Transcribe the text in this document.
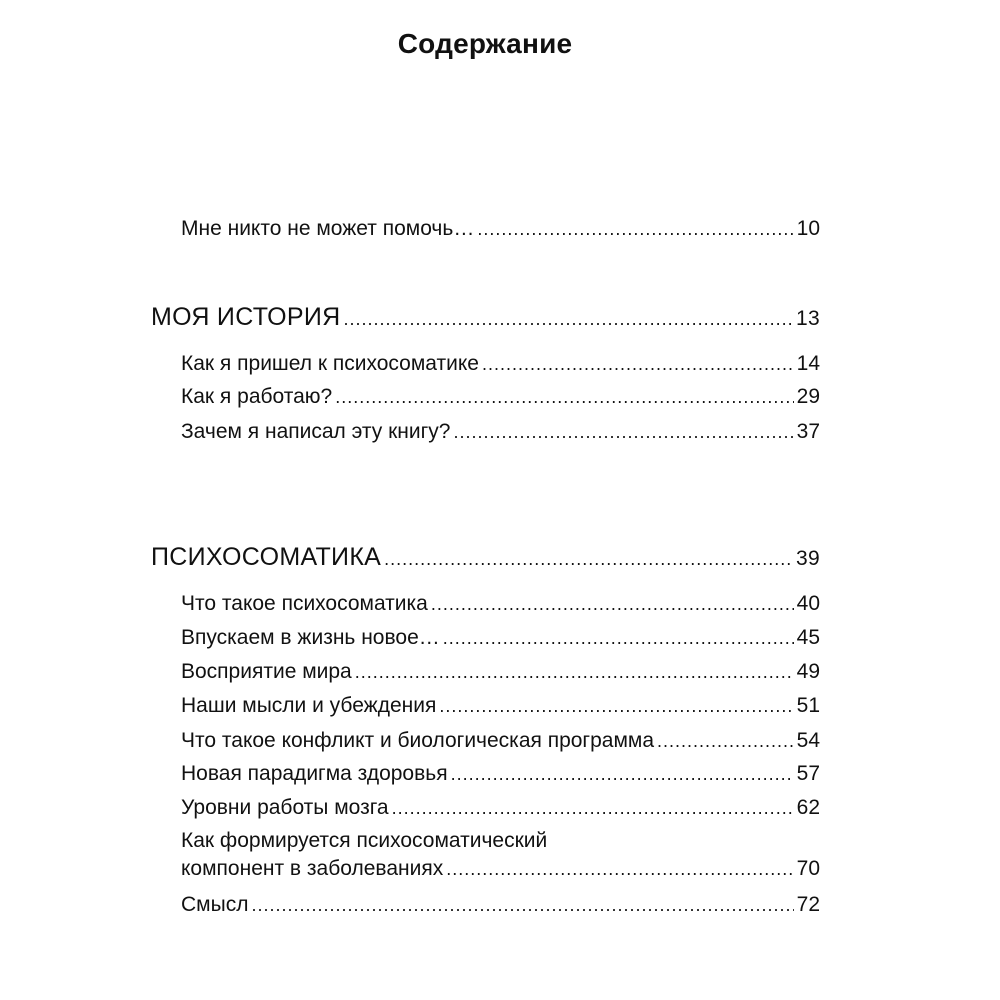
Содержание
Мне никто не может помочь… .....	10
МОЯ ИСТОРИЯ .....	13
Как я пришел к психосоматике .....	14
Как я работаю? .....	29
Зачем я написал эту книгу? .....	37
ПСИХОСОМАТИКА .....	39
Что такое психосоматика .....	40
Впускаем в жизнь новое… .....	45
Восприятие мира .....	49
Наши мысли и убеждения .....	51
Что такое конфликт и биологическая программа .....	54
Новая парадигма здоровья .....	57
Уровни работы мозга .....	62
Как формируется психосоматический
компонент в заболеваниях .....	70
Смысл .....	72
